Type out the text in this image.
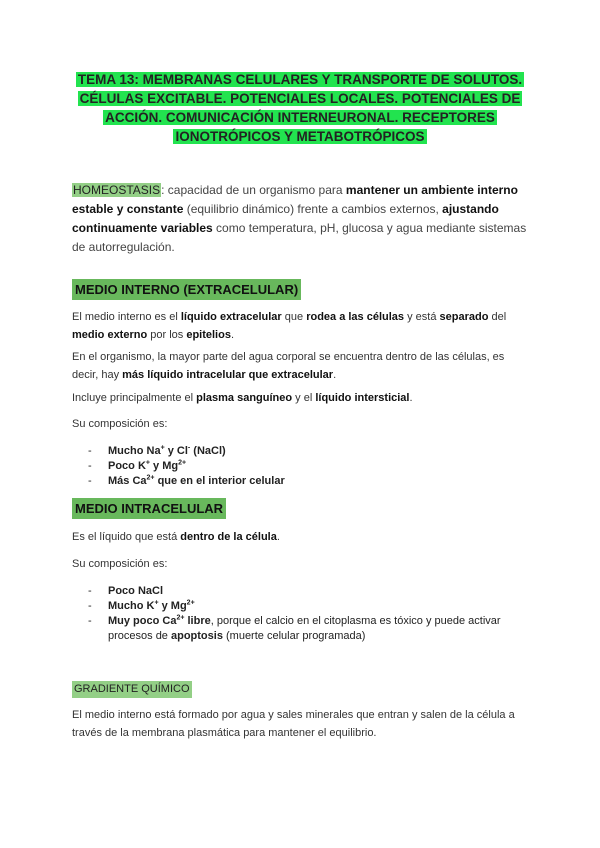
TEMA 13: MEMBRANAS CELULARES Y TRANSPORTE DE SOLUTOS. CÉLULAS EXCITABLE. POTENCIALES LOCALES. POTENCIALES DE ACCIÓN. COMUNICACIÓN INTERNEURONAL. RECEPTORES IONOTRÓPICOS Y METABOTRÓPICOS
HOMEOSTASIS: capacidad de un organismo para mantener un ambiente interno estable y constante (equilibrio dinámico) frente a cambios externos, ajustando continuamente variables como temperatura, pH, glucosa y agua mediante sistemas de autorregulación.
MEDIO INTERNO (EXTRACELULAR)
El medio interno es el líquido extracelular que rodea a las células y está separado del medio externo por los epitelios.
En el organismo, la mayor parte del agua corporal se encuentra dentro de las células, es decir, hay más líquido intracelular que extracelular.
Incluye principalmente el plasma sanguíneo y el líquido intersticial.
Su composición es:
- Mucho Na+ y Cl- (NaCl)
- Poco K+ y $Mg^{2+}$
- Más $Ca^{2+}$ que en el interior celular
MEDIO INTRACELULAR
Es el líquido que está dentro de la célula.
Su composición es:
- Poco NaCl
- Mucho K+ y $Mg^{2+}$
- Muy poco $Ca^{2+}$ libre, porque el calcio en el citoplasma es tóxico y puede activar procesos de apoptosis (muerte celular programada)
GRADIENTE QUÍMICO
El medio interno está formado por agua y sales minerales que entran y salen de la célula a través de la membrana plasmática para mantener el equilibrio.
